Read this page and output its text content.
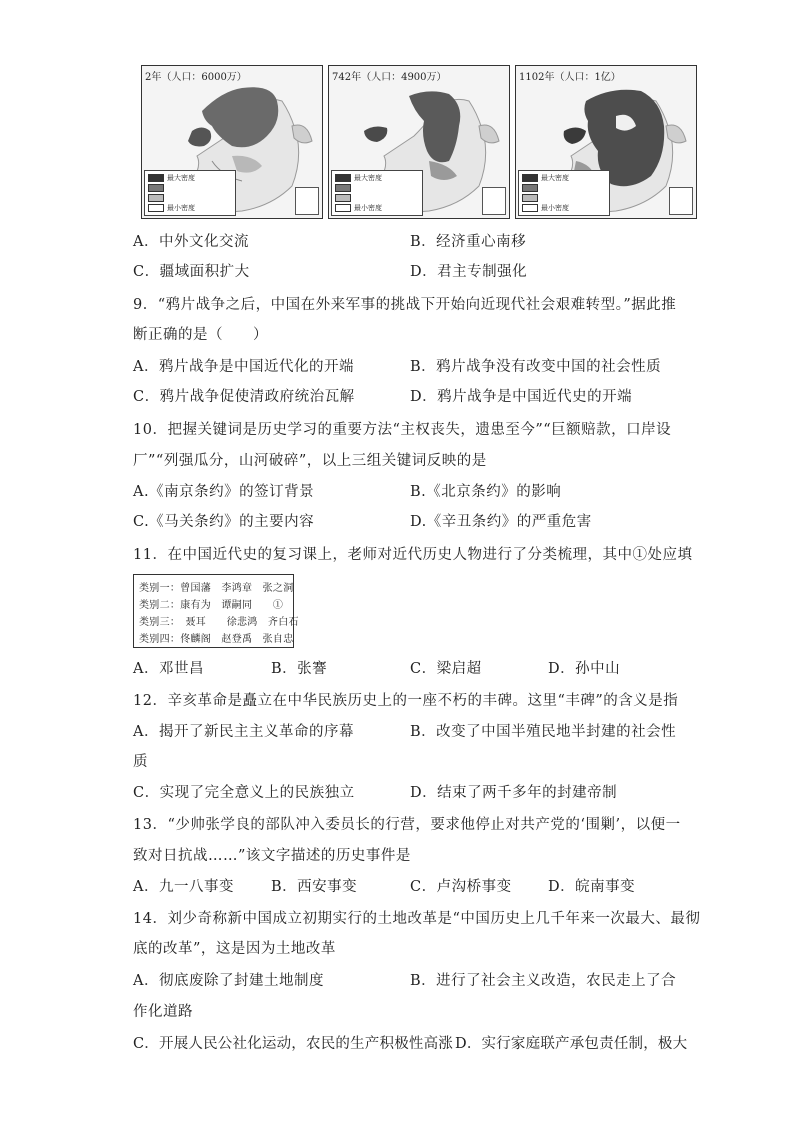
2年（人口：6000万）
最大密度
最小密度
742年（人口：4900万）
最大密度
最小密度
1102年（人口：1亿）
最大密度
最小密度
A．中外文化交流	B．经济重心南移
C．疆域面积扩大	D．君主专制强化
9．“鸦片战争之后，中国在外来军事的挑战下开始向近现代社会艰难转型。”据此推
断正确的是（　　）
A．鸦片战争是中国近代化的开端	B．鸦片战争没有改变中国的社会性质
C．鸦片战争促使清政府统治瓦解	D．鸦片战争是中国近代史的开端
10．把握关键词是历史学习的重要方法“主权丧失，遗患至今”“巨额赔款，口岸设
厂”“列强瓜分，山河破碎”，以上三组关键词反映的是
A.《南京条约》的签订背景	B.《北京条约》的影响
C.《马关条约》的主要内容	D.《辛丑条约》的严重危害
11．在中国近代史的复习课上，老师对近代历史人物进行了分类梳理，其中①处应填
类别一：曾国藩　李鸿章　张之洞
类别二：康有为　谭嗣同　　①
类别三：　聂耳　　徐悲鸿　齐白石
类别四：佟麟阁　赵登禹　张自忠
A．邓世昌	B．张謇	C．梁启超	D．孙中山
12．辛亥革命是矗立在中华民族历史上的一座不朽的丰碑。这里“丰碑”的含义是指
A．揭开了新民主主义革命的序幕	B．改变了中国半殖民地半封建的社会性
质
C．实现了完全意义上的民族独立	D．结束了两千多年的封建帝制
13．“少帅张学良的部队冲入委员长的行营，要求他停止对共产党的‘围剿’，以便一
致对日抗战……”该文字描述的历史事件是
A．九一八事变	B．西安事变	C．卢沟桥事变	D．皖南事变
14．刘少奇称新中国成立初期实行的土地改革是“中国历史上几千年来一次最大、最彻
底的改革”，这是因为土地改革
A．彻底废除了封建土地制度	B．进行了社会主义改造，农民走上了合
作化道路
C．开展人民公社化运动，农民的生产积极性高涨 D．实行家庭联产承包责任制，极大
